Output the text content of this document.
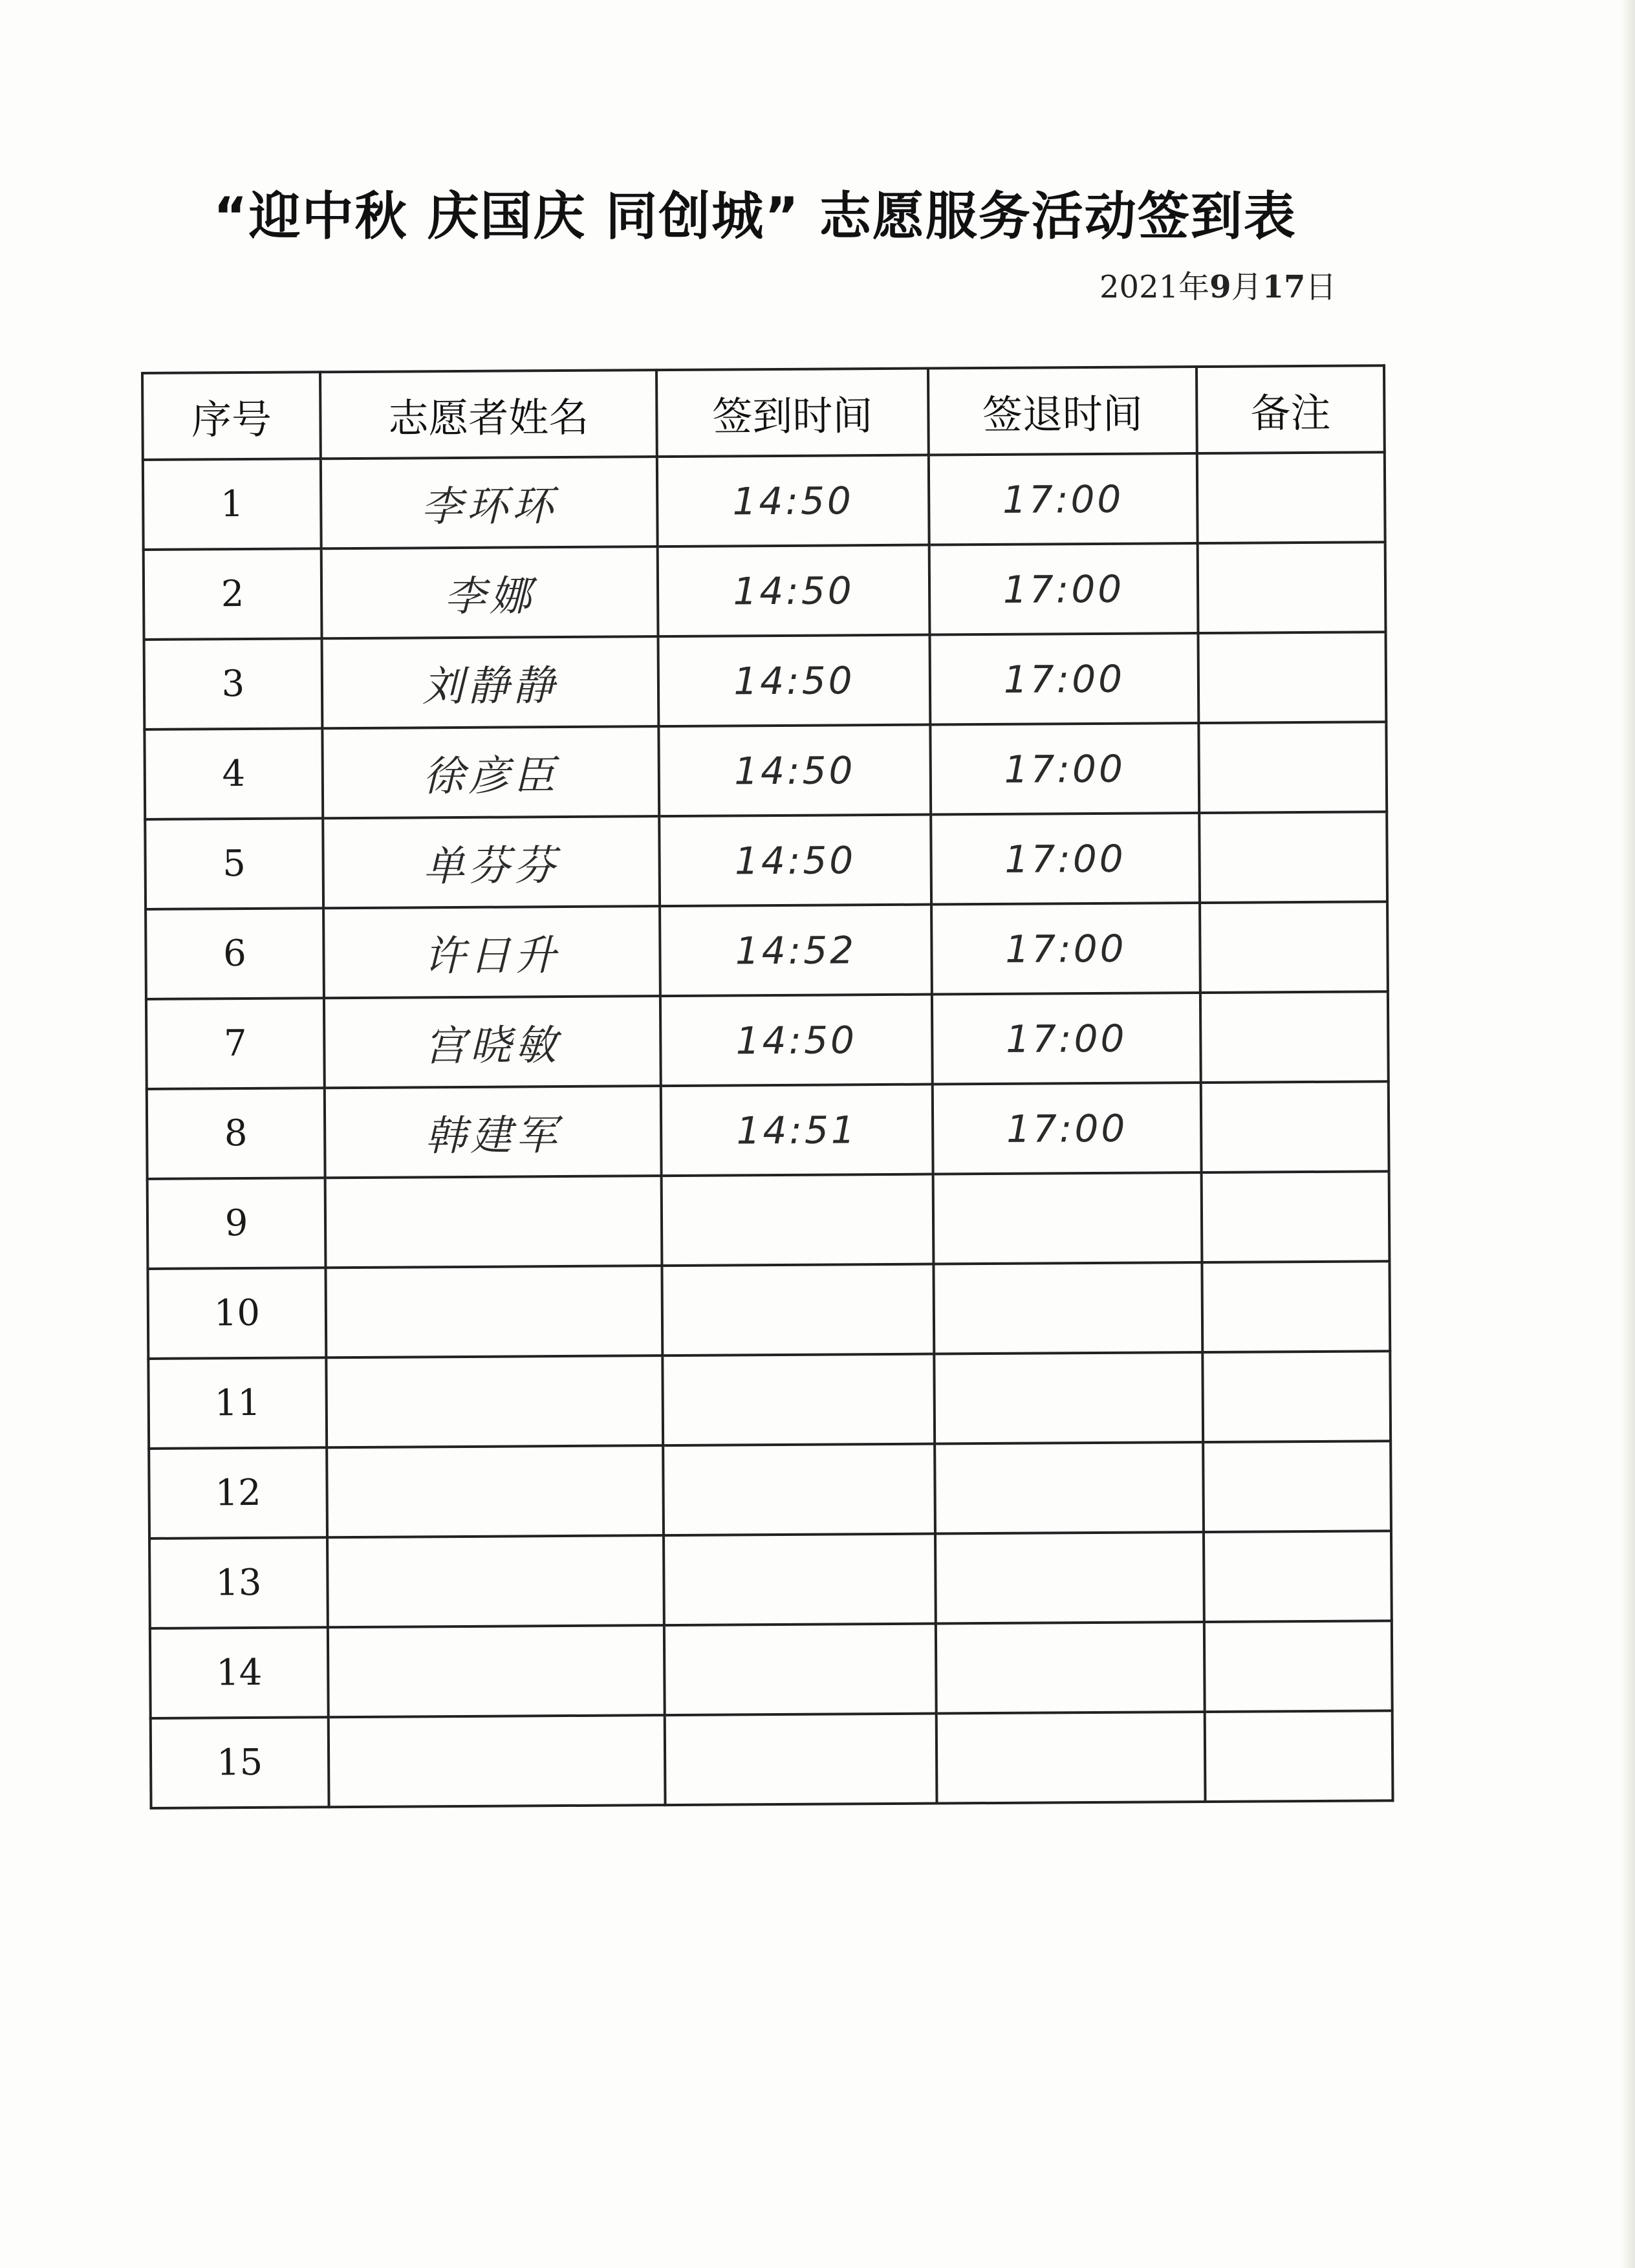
“迎中秋 庆国庆 同创城” 志愿服务活动签到表
2021年9月17日
序号	志愿者姓名	签到时间	签退时间	备注
1	李环环	14:50	17:00	
2	李娜	14:50	17:00	
3	刘静静	14:50	17:00	
4	徐彦臣	14:50	17:00	
5	单芬芬	14:50	17:00	
6	许日升	14:52	17:00	
7	宫晓敏	14:50	17:00	
8	韩建军	14:51	17:00	
9				
10				
11				
12				
13				
14				
15				
